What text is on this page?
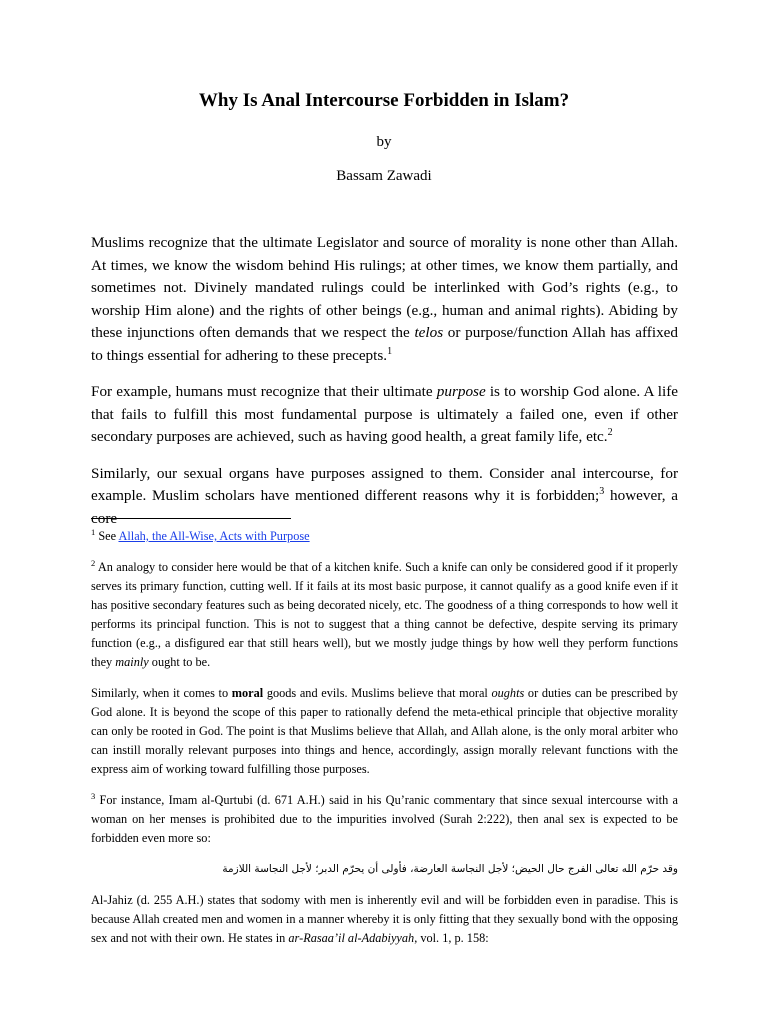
Why Is Anal Intercourse Forbidden in Islam?
by
Bassam Zawadi

Muslims recognize that the ultimate Legislator and source of morality is none other than Allah. At times, we know the wisdom behind His rulings; at other times, we know them partially, and sometimes not. Divinely mandated rulings could be interlinked with God’s rights (e.g., to worship Him alone) and the rights of other beings (e.g., human and animal rights). Abiding by these injunctions often demands that we respect the telos or purpose/function Allah has affixed to things essential for adhering to these precepts.$^1$

For example, humans must recognize that their ultimate purpose is to worship God alone. A life that fails to fulfill this most fundamental purpose is ultimately a failed one, even if other secondary purposes are achieved, such as having good health, a great family life, etc.$^2$

Similarly, our sexual organs have purposes assigned to them. Consider anal intercourse, for example. Muslim scholars have mentioned different reasons why it is forbidden;$^3$ however, a core

$^1$ See Allah, the All-Wise, Acts with Purpose

$^2$ An analogy to consider here would be that of a kitchen knife. Such a knife can only be considered good if it properly serves its primary function, cutting well. If it fails at its most basic purpose, it cannot qualify as a good knife even if it has positive secondary features such as being decorated nicely, etc. The goodness of a thing corresponds to how well it performs its principal function. This is not to suggest that a thing cannot be defective, despite serving its primary function (e.g., a disfigured ear that still hears well), but we mostly judge things by how well they perform functions they mainly ought to be.

Similarly, when it comes to moral goods and evils. Muslims believe that moral oughts or duties can be prescribed by God alone. It is beyond the scope of this paper to rationally defend the meta-ethical principle that objective morality can only be rooted in God. The point is that Muslims believe that Allah, and Allah alone, is the only moral arbiter who can instill morally relevant purposes into things and hence, accordingly, assign morally relevant functions with the express aim of working toward fulfilling those purposes.

$^3$ For instance, Imam al-Qurtubi (d. 671 A.H.) said in his Qu’ranic commentary that since sexual intercourse with a woman on her menses is prohibited due to the impurities involved (Surah 2:222), then anal sex is expected to be forbidden even more so:

وقد حرّم الله تعالى الفرج حال الحيض؛ لأجل النجاسة العارضة، فأولى أن يحرّم الدبر؛ لأجل النجاسة اللازمة

Al-Jahiz (d. 255 A.H.) states that sodomy with men is inherently evil and will be forbidden even in paradise. This is because Allah created men and women in a manner whereby it is only fitting that they sexually bond with the opposing sex and not with their own. He states in ar-Rasaa’il al-Adabiyyah, vol. 1, p. 158:
